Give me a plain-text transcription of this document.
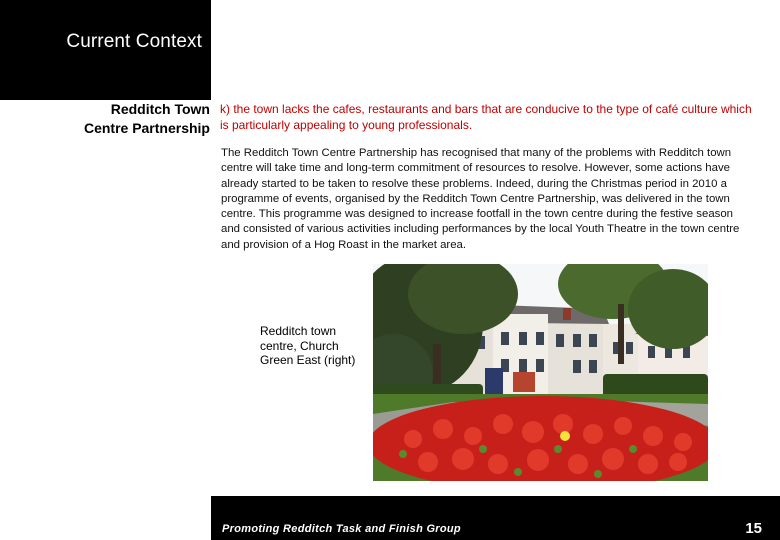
Current Context
Redditch Town
Centre Partnership
k) the town lacks the cafes, restaurants and bars that are conducive to the type of café culture which is particularly appealing to young professionals.
The Redditch Town Centre Partnership has recognised that many of the problems with Redditch town centre will take time and long-term commitment of resources to resolve. However, some actions have already started to be taken to resolve these problems. Indeed, during the Christmas period in 2010 a programme of events, organised by the Redditch Town Centre Partnership, was delivered in the town centre. This programme was designed to increase footfall in the town centre during the festive season and consisted of various activities including performances by the local Youth Theatre in the town centre and provision of a Hog Roast in the market area.
Redditch town centre, Church Green East (right)
Promoting Redditch Task and Finish Group	15
